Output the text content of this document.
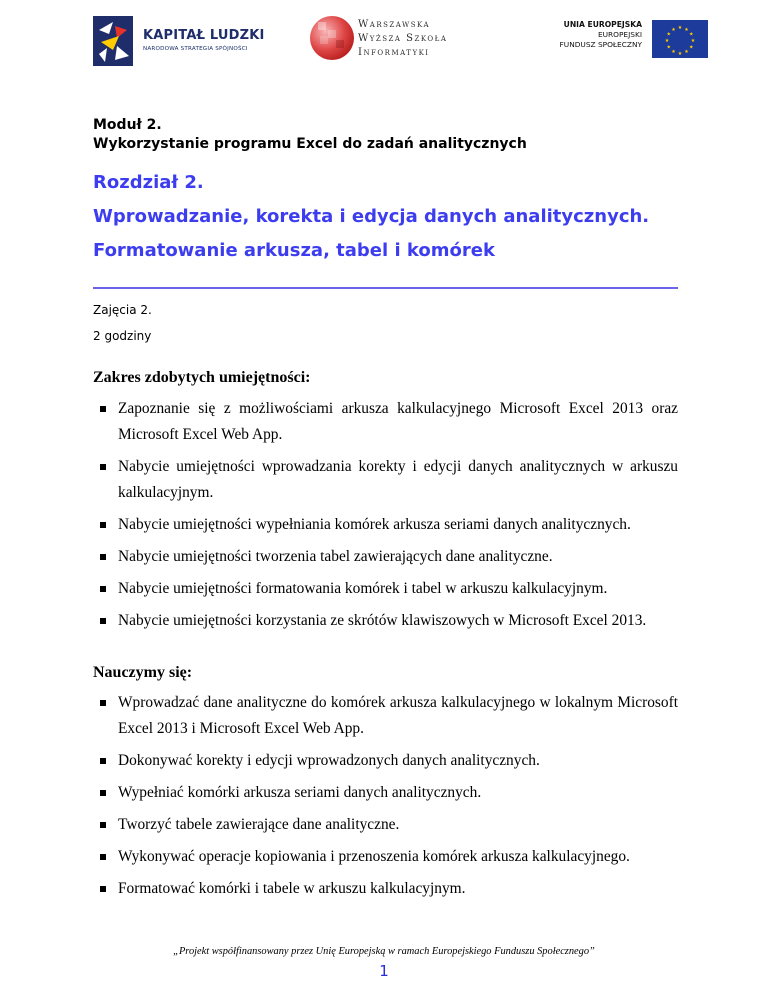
KAPITAŁ LUDZKI
NARODOWA STRATEGIA SPÓJNOŚCI
Warszawska
Wyższa Szkoła
Informatyki
UNIA EUROPEJSKA
EUROPEJSKI
FUNDUSZ SPOŁECZNY
★ ★
★
★
★
★
★
★
★
★
★
★
Moduł 2.
Wykorzystanie programu Excel do zadań analitycznych
Rozdział 2.
Wprowadzanie, korekta i edycja danych analitycznych.
Formatowanie arkusza, tabel i komórek
Zajęcia 2.
2 godziny
Zakres zdobytych umiejętności:
Zapoznanie się z możliwościami arkusza kalkulacyjnego Microsoft Excel 2013 oraz Microsoft Excel Web App.
Nabycie umiejętności wprowadzania korekty i edycji danych analitycznych w arkuszu kalkulacyjnym.
Nabycie umiejętności wypełniania komórek arkusza seriami danych analitycznych.
Nabycie umiejętności tworzenia tabel zawierających dane analityczne.
Nabycie umiejętności formatowania komórek i tabel w arkuszu kalkulacyjnym.
Nabycie umiejętności korzystania ze skrótów klawiszowych w Microsoft Excel 2013.
Nauczymy się:
Wprowadzać dane analityczne do komórek arkusza kalkulacyjnego w lokalnym Microsoft Excel 2013 i Microsoft Excel Web App.
Dokonywać korekty i edycji wprowadzonych danych analitycznych.
Wypełniać komórki arkusza seriami danych analitycznych.
Tworzyć tabele zawierające dane analityczne.
Wykonywać operacje kopiowania i przenoszenia komórek arkusza kalkulacyjnego.
Formatować komórki i tabele w arkuszu kalkulacyjnym.
„Projekt współfinansowany przez Unię Europejską w ramach Europejskiego Funduszu Społecznego”
1
